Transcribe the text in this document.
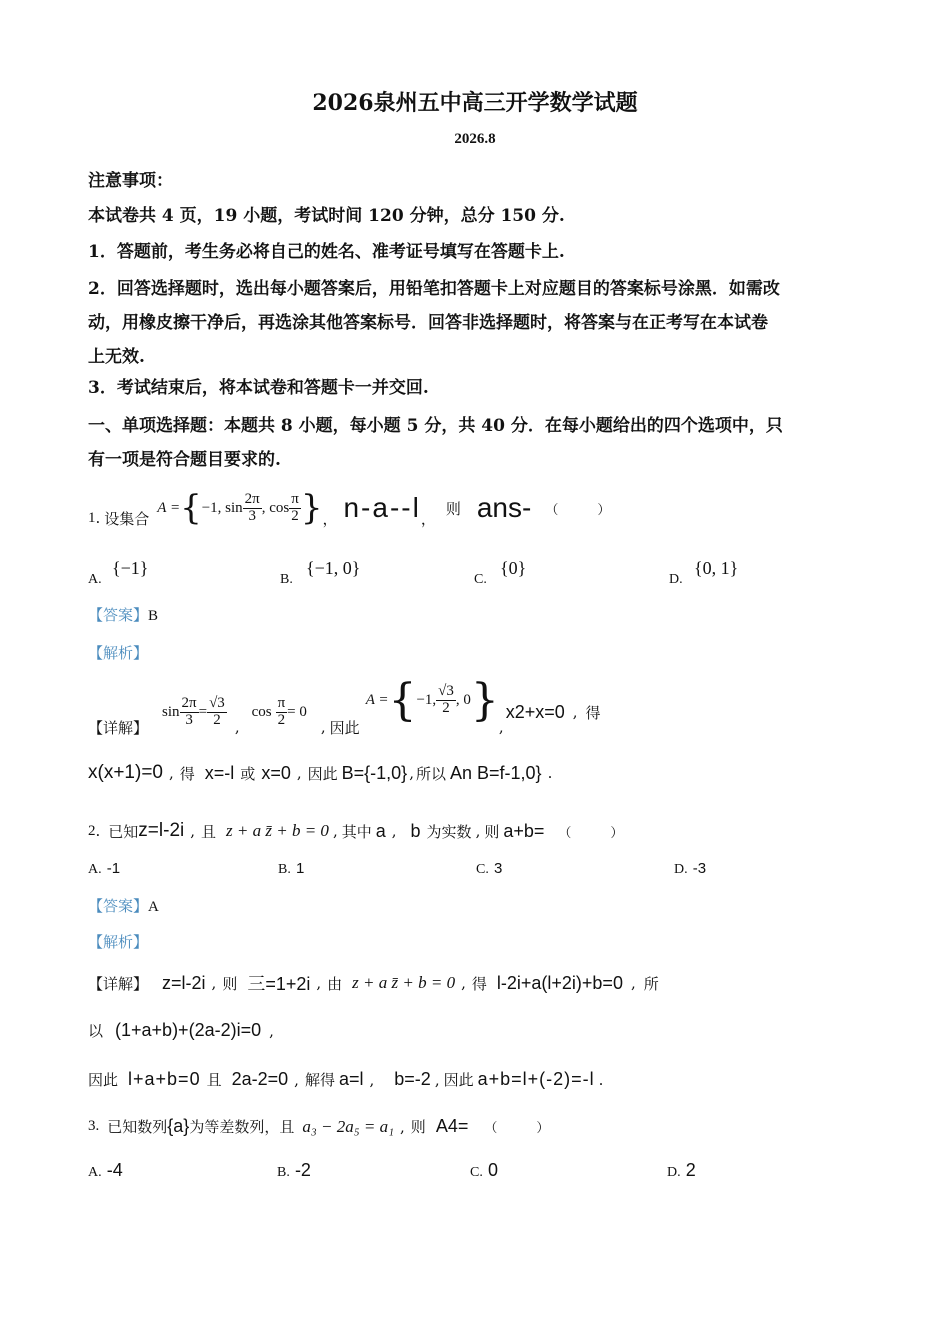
2026泉州五中高三开学数学试题
2026.8
注意事项：
本试卷共 4 页，19 小题，考试时间 120 分钟，总分 150 分.
1．答题前，考生务必将自己的姓名、准考证号填写在答题卡上.
2．回答选择题时，选出每小题答案后，用铅笔扣答题卡上对应题目的答案标号涂黑．如需改
动，用橡皮擦干净后，再选涂其他答案标号．回答非选择题时，将答案与在正考写在本试卷
上无效.
3．考试结束后，将本试卷和答题卡一并交回.
一、单项选择题：本题共 8 小题，每小题 5 分，共 40 分．在每小题给出的四个选项中，只
有一项是符合题目要求的.
1 . 设集合
A = { −1, $\sin \frac{2\pi}{3}$ , $\cos \frac{\pi}{2}$ } ， n-a--l ，
则 ans- （　　　）
A.
{−1}
B.
{−1, 0}
C.
{0}
D.
{0, 1}
【答案】B
【解析】
【详解】
$\sin \frac{2\pi}{3} = \frac{√3}{2}$ ,
$\cos \frac{\pi}{2} = 0$
, 因此
A = { −1, $\frac{√3}{2}$ , 0 }
,
x2+x=0 , 得
x(x+1)=0 , 得 x=-l 或 x=0 , 因此 B={-1,0} , 所以 An B=f-1,0} .
2 . 已知 z=l-2i , 且 z + a z̄ + b = 0 , 其中 a , b 为实数 , 则 a+b= （　　　）
A. -1	B. 1	C. 3	D. -3
【答案】A
【解析】
【详解】 z=l-2i , 则 三=1+2i , 由 z + a z̄ + b = 0 , 得 l-2i+a(l+2i)+b=0 , 所
以 (1+a+b)+(2a-2)i=0 ,
因此 l+a+b=0 且 2a-2=0 , 解得 a=l , b=-2 , 因此 a+b=l+(-2)=-l .
3. 已知数列 {a} 为等差数列，且 a₃ − 2a₅ = a₁ , 则 A4= （　　　）
A. -4	B. -2	C. 0	D. 2
